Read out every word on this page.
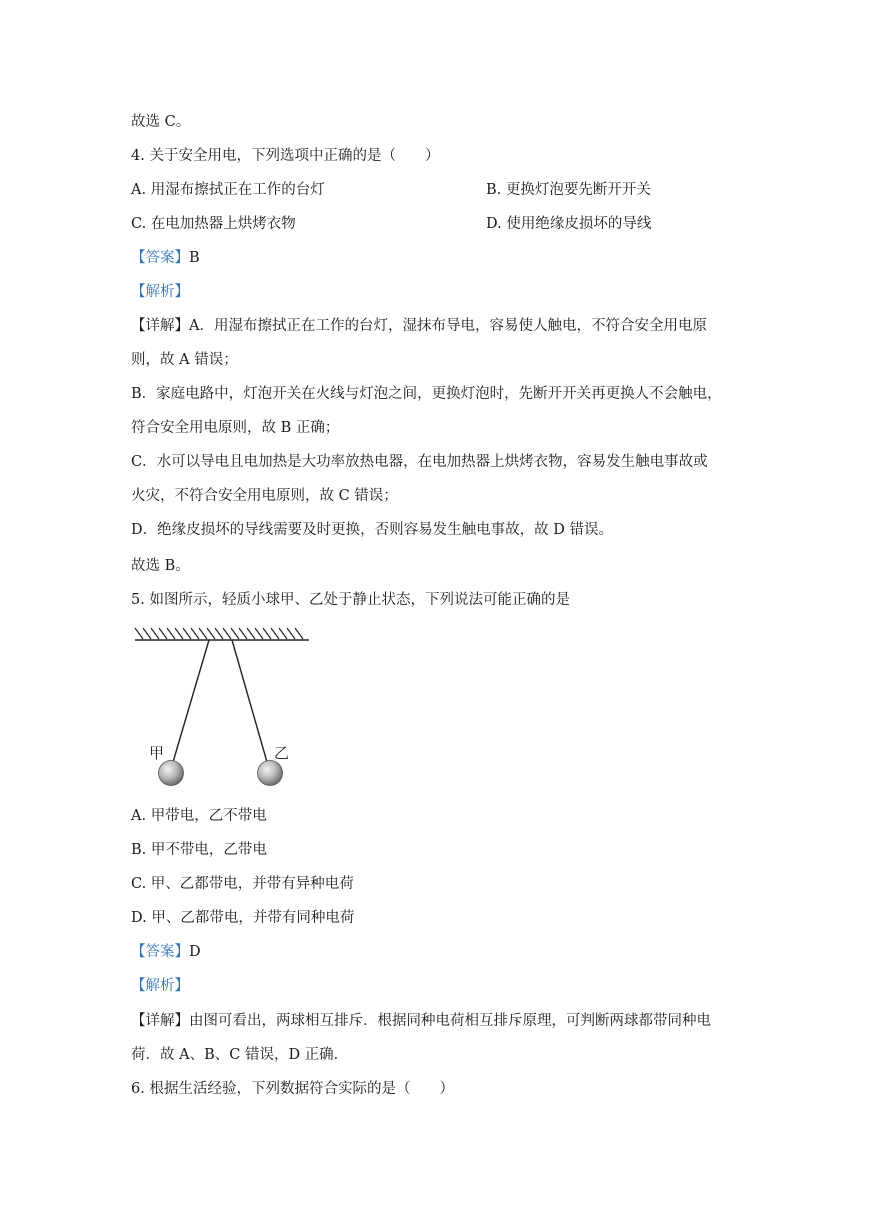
故选 C。
4. 关于安全用电，下列选项中正确的是（　　）
A. 用湿布擦拭正在工作的台灯	B. 更换灯泡要先断开开关
C. 在电加热器上烘烤衣物	D. 使用绝缘皮损坏的导线
【答案】B
【解析】
【详解】A．用湿布擦拭正在工作的台灯，湿抹布导电，容易使人触电，不符合安全用电原
则，故 A 错误；
B．家庭电路中，灯泡开关在火线与灯泡之间，更换灯泡时，先断开开关再更换人不会触电，
符合安全用电原则，故 B 正确；
C．水可以导电且电加热是大功率放热电器，在电加热器上烘烤衣物，容易发生触电事故或
火灾，不符合安全用电原则，故 C 错误；
D．绝缘皮损坏的导线需要及时更换，否则容易发生触电事故，故 D 错误。
故选 B。
5. 如图所示，轻质小球甲、乙处于静止状态，下列说法可能正确的是
甲	乙
A. 甲带电，乙不带电
B. 甲不带电，乙带电
C. 甲、乙都带电，并带有异种电荷
D. 甲、乙都带电，并带有同种电荷
【答案】D
【解析】
【详解】由图可看出，两球相互排斥．根据同种电荷相互排斥原理，可判断两球都带同种电
荷．故 A、B、C 错误，D 正确．
6. 根据生活经验，下列数据符合实际的是（　　）
